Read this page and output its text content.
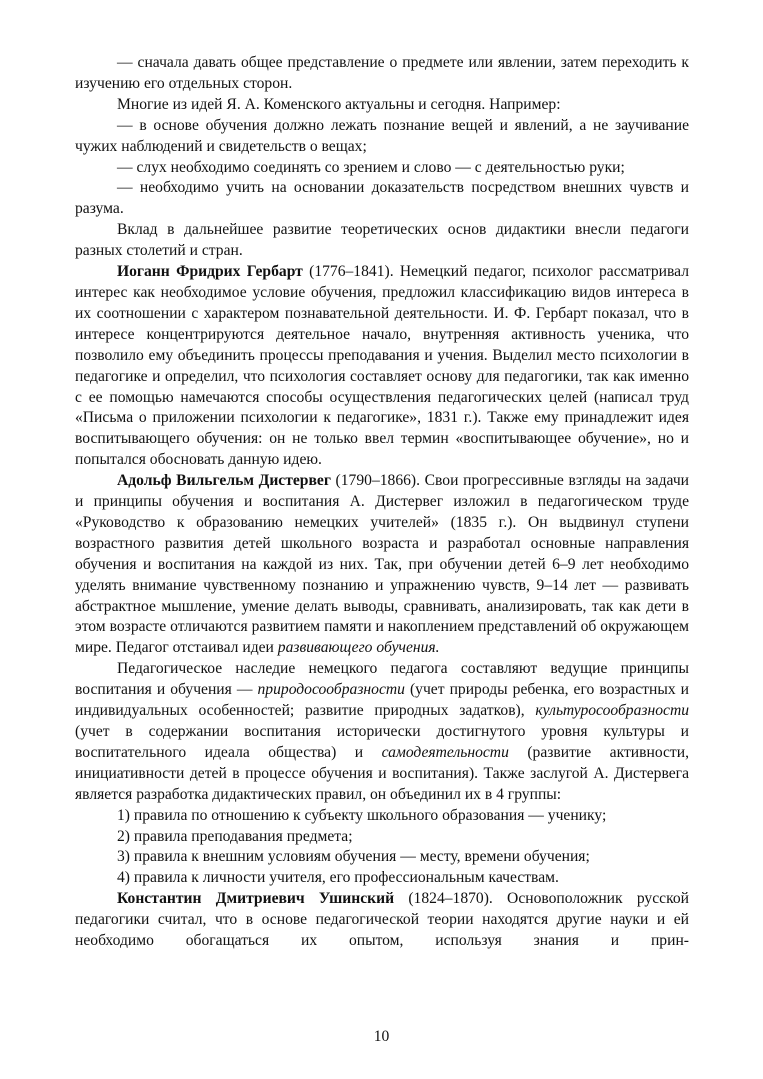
— сначала давать общее представление о предмете или явлении, затем переходить к изучению его отдельных сторон.

Многие из идей Я. А. Коменского актуальны и сегодня. Например:

— в основе обучения должно лежать познание вещей и явлений, а не заучивание чужих наблюдений и свидетельств о вещах;

— слух необходимо соединять со зрением и слово — с деятельностью руки;

— необходимо учить на основании доказательств посредством внешних чувств и разума.

Вклад в дальнейшее развитие теоретических основ дидактики внесли педагоги разных столетий и стран.

Иоганн Фридрих Гербарт (1776–1841). Немецкий педагог, психолог рассматривал интерес как необходимое условие обучения, предложил классификацию видов интереса в их соотношении с характером познавательной деятельности. И. Ф. Гербарт показал, что в интересе концентрируются деятельное начало, внутренняя активность ученика, что позволило ему объединить процессы преподавания и учения. Выделил место психологии в педагогике и определил, что психология составляет основу для педагогики, так как именно с ее помощью намечаются способы осуществления педагогических целей (написал труд «Письма о приложении психологии к педагогике», 1831 г.). Также ему принадлежит идея воспитывающего обучения: он не только ввел термин «воспитывающее обучение», но и попытался обосновать данную идею.

Адольф Вильгельм Дистервег (1790–1866). Свои прогрессивные взгляды на задачи и принципы обучения и воспитания А. Дистервег изложил в педагогическом труде «Руководство к образованию немецких учителей» (1835 г.). Он выдвинул ступени возрастного развития детей школьного возраста и разработал основные направления обучения и воспитания на каждой из них. Так, при обучении детей 6–9 лет необходимо уделять внимание чувственному познанию и упражнению чувств, 9–14 лет — развивать абстрактное мышление, умение делать выводы, сравнивать, анализировать, так как дети в этом возрасте отличаются развитием памяти и накоплением представлений об окружающем мире. Педагог отстаивал идеи развивающего обучения.

Педагогическое наследие немецкого педагога составляют ведущие принципы воспитания и обучения — природосообразности (учет природы ребенка, его возрастных и индивидуальных особенностей; развитие природных задатков), культуросообразности (учет в содержании воспитания исторически достигнутого уровня культуры и воспитательного идеала общества) и самодеятельности (развитие активности, инициативности детей в процессе обучения и воспитания). Также заслугой А. Дистервега является разработка дидактических правил, он объединил их в 4 группы:

1) правила по отношению к субъекту школьного образования — ученику;

2) правила преподавания предмета;

3) правила к внешним условиям обучения — месту, времени обучения;

4) правила к личности учителя, его профессиональным качествам.

Константин Дмитриевич Ушинский (1824–1870). Основоположник русской педагогики считал, что в основе педагогической теории находятся другие науки и ей необходимо обогащаться их опытом, используя знания и прин-

10
